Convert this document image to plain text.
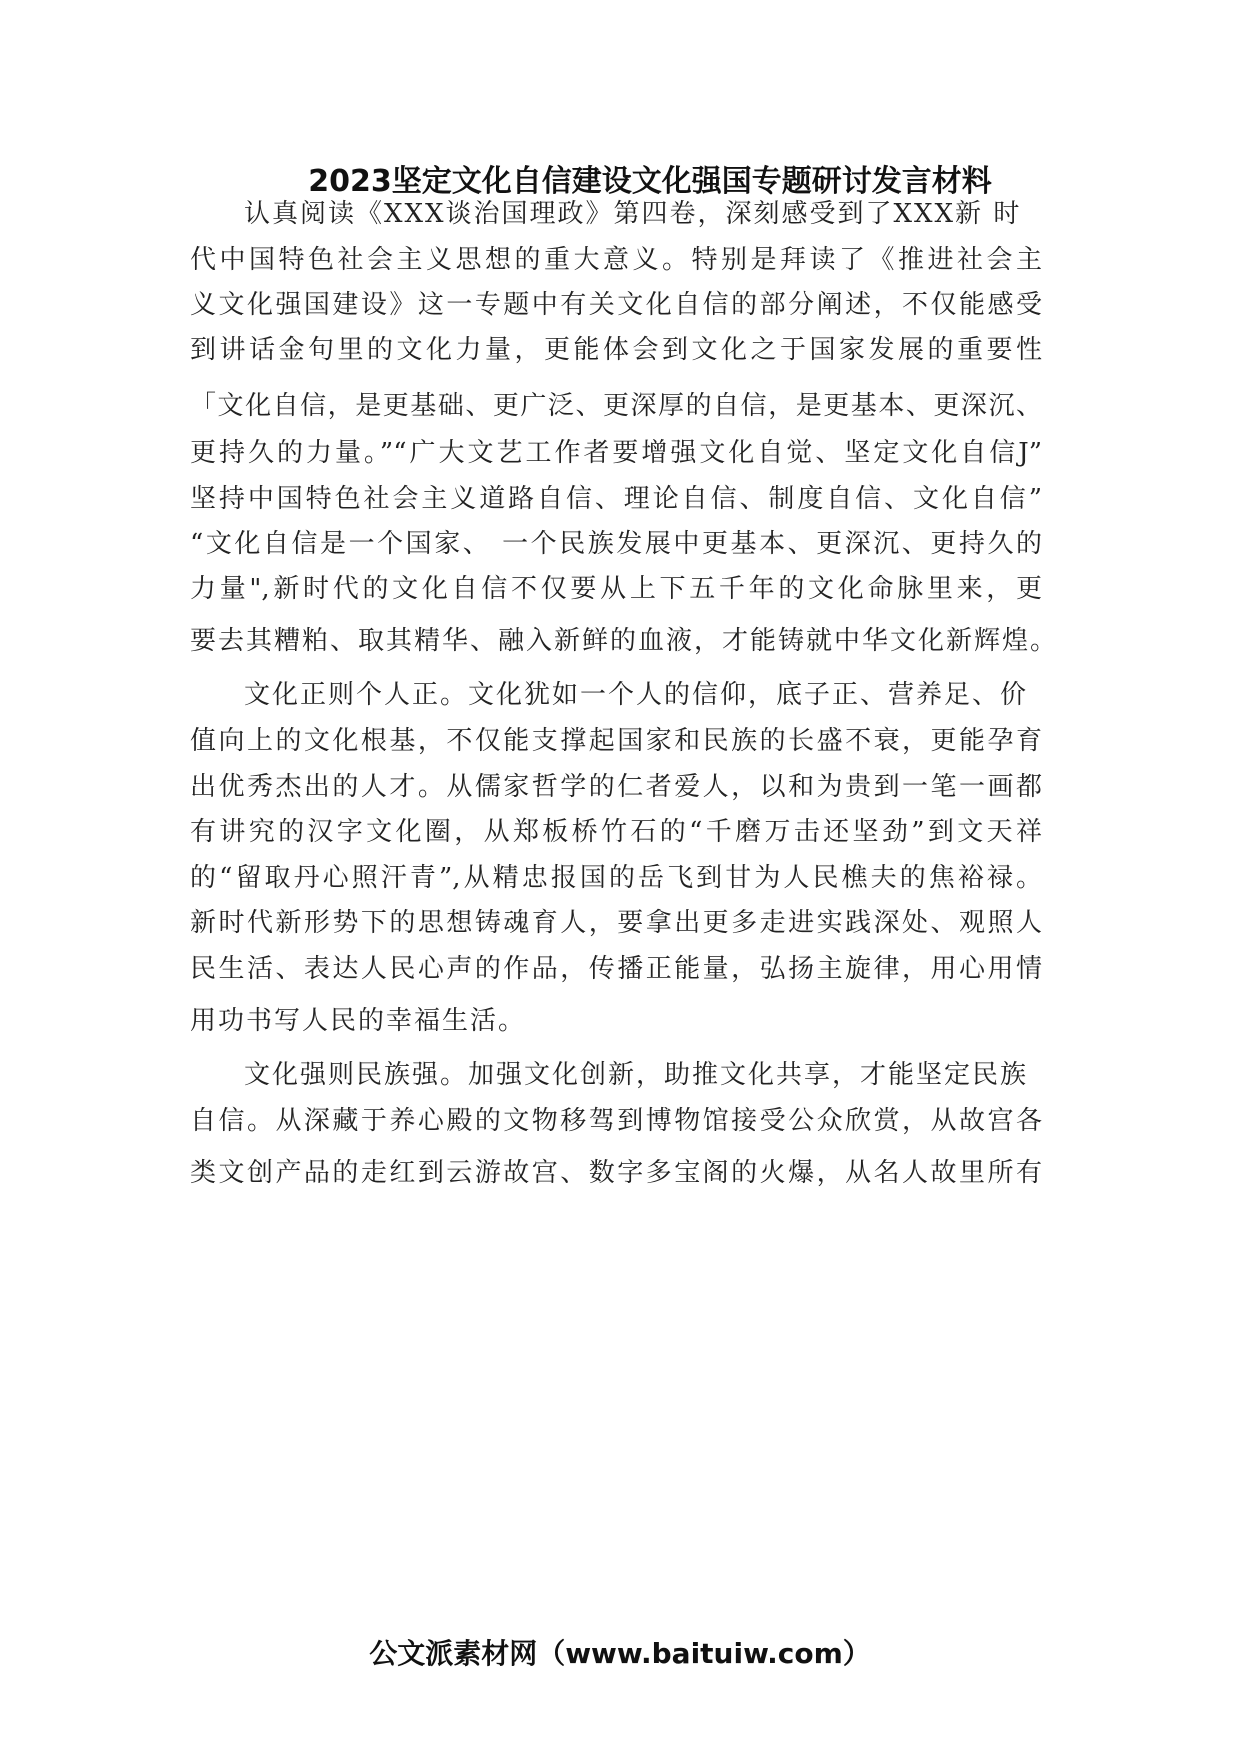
2023坚定文化自信建设文化强国专题研讨发言材料
认真阅读《XXX谈治国理政》第四卷，深刻感受到了XXX新 时
代中国特色社会主义思想的重大意义。特别是拜读了《推进社会主
义文化强国建设》这一专题中有关文化自信的部分阐述，不仅能感受
到讲话金句里的文化力量，更能体会到文化之于国家发展的重要性
「文化自信，是更基础、更广泛、更深厚的自信，是更基本、更深沉、
更持久的力量。”“广大文艺工作者要增强文化自觉、坚定文化自信J”
坚持中国特色社会主义道路自信、理论自信、制度自信、文化自信”
“文化自信是一个国家、 一个民族发展中更基本、更深沉、更持久的
力量",新时代的文化自信不仅要从上下五千年的文化命脉里来，更
要去其糟粕、取其精华、融入新鲜的血液，才能铸就中华文化新辉煌。
文化正则个人正。文化犹如一个人的信仰，底子正、营养足、价
值向上的文化根基，不仅能支撑起国家和民族的长盛不衰，更能孕育
出优秀杰出的人才。从儒家哲学的仁者爱人，以和为贵到一笔一画都
有讲究的汉字文化圈，从郑板桥竹石的“千磨万击还坚劲”到文天祥
的“留取丹心照汗青”,从精忠报国的岳飞到甘为人民樵夫的焦裕禄。
新时代新形势下的思想铸魂育人，要拿出更多走进实践深处、观照人
民生活、表达人民心声的作品，传播正能量，弘扬主旋律，用心用情
用功书写人民的幸福生活。
文化强则民族强。加强文化创新，助推文化共享，才能坚定民族
自信。从深藏于养心殿的文物移驾到博物馆接受公众欣赏，从故宫各
类文创产品的走红到云游故宫、数字多宝阁的火爆，从名人故里所有
公文派素材网（www.baituiw.com）
